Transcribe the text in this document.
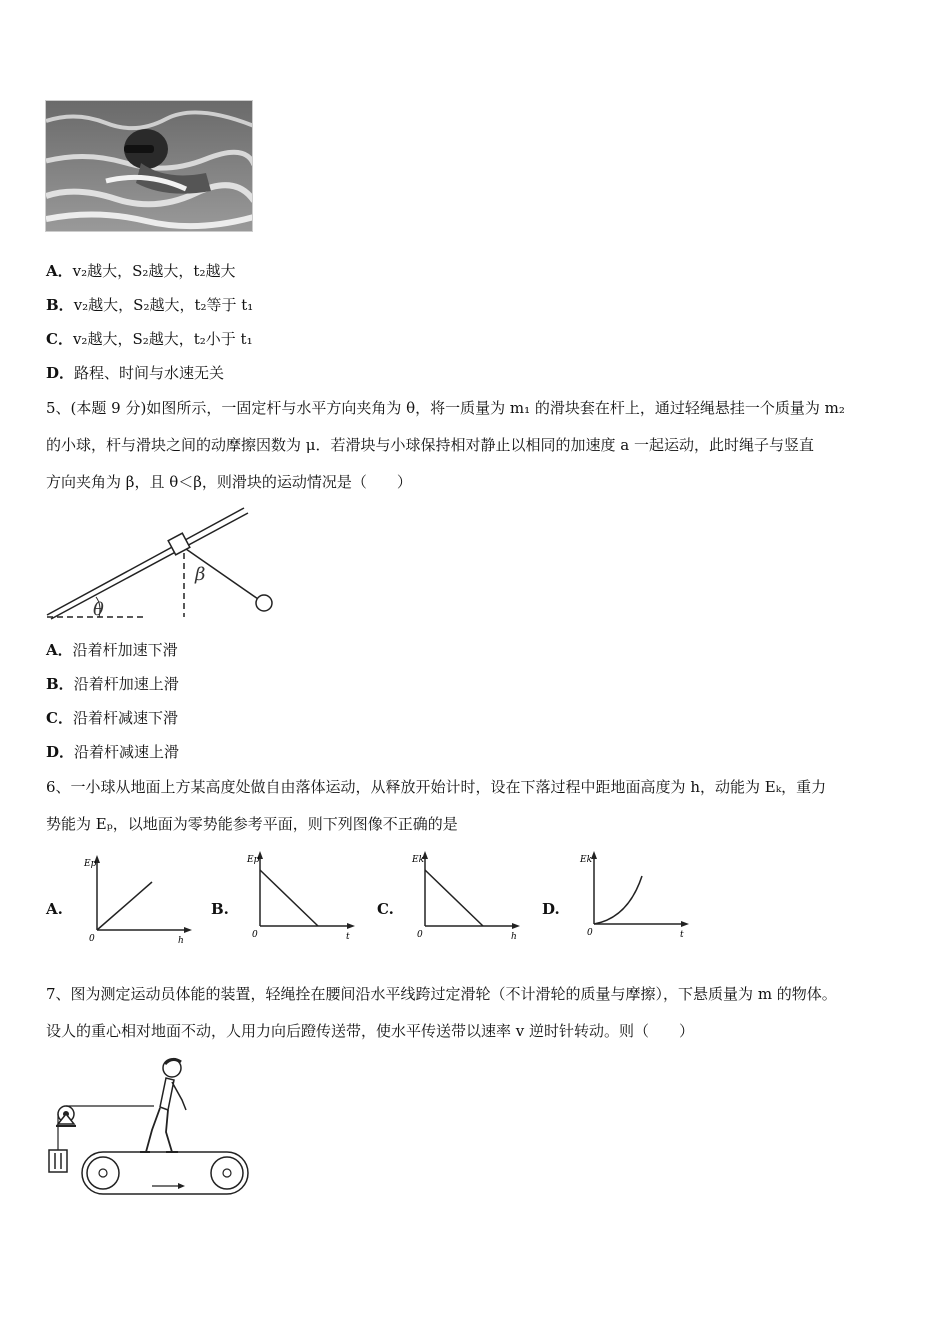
A．v₂越大，S₂越大，t₂越大
B．v₂越大，S₂越大，t₂等于 t₁
C．v₂越大，S₂越大，t₂小于 t₁
D．路程、时间与水速无关
5、(本题 9 分)如图所示，一固定杆与水平方向夹角为 θ，将一质量为 m₁ 的滑块套在杆上，通过轻绳悬挂一个质量为 m₂
的小球，杆与滑块之间的动摩擦因数为 μ．若滑块与小球保持相对静止以相同的加速度 a 一起运动，此时绳子与竖直
方向夹角为 β，且 θ＜β，则滑块的运动情况是（　　）
θ
β
A．沿着杆加速下滑
B．沿着杆加速上滑
C．沿着杆减速下滑
D．沿着杆减速上滑
6、一小球从地面上方某高度处做自由落体运动，从释放开始计时，设在下落过程中距地面高度为 h，动能为 Eₖ，重力
势能为 Eₚ，以地面为零势能参考平面，则下列图像不正确的是
A.
Ep
h
0
B.
Ep
t
0
C.
Ek
h
0
D.
Ek
t
0
7、图为测定运动员体能的装置，轻绳拴在腰间沿水平线跨过定滑轮（不计滑轮的质量与摩擦），下悬质量为 m 的物体。
设人的重心相对地面不动，人用力向后蹬传送带，使水平传送带以速率 v 逆时针转动。则（　　）
